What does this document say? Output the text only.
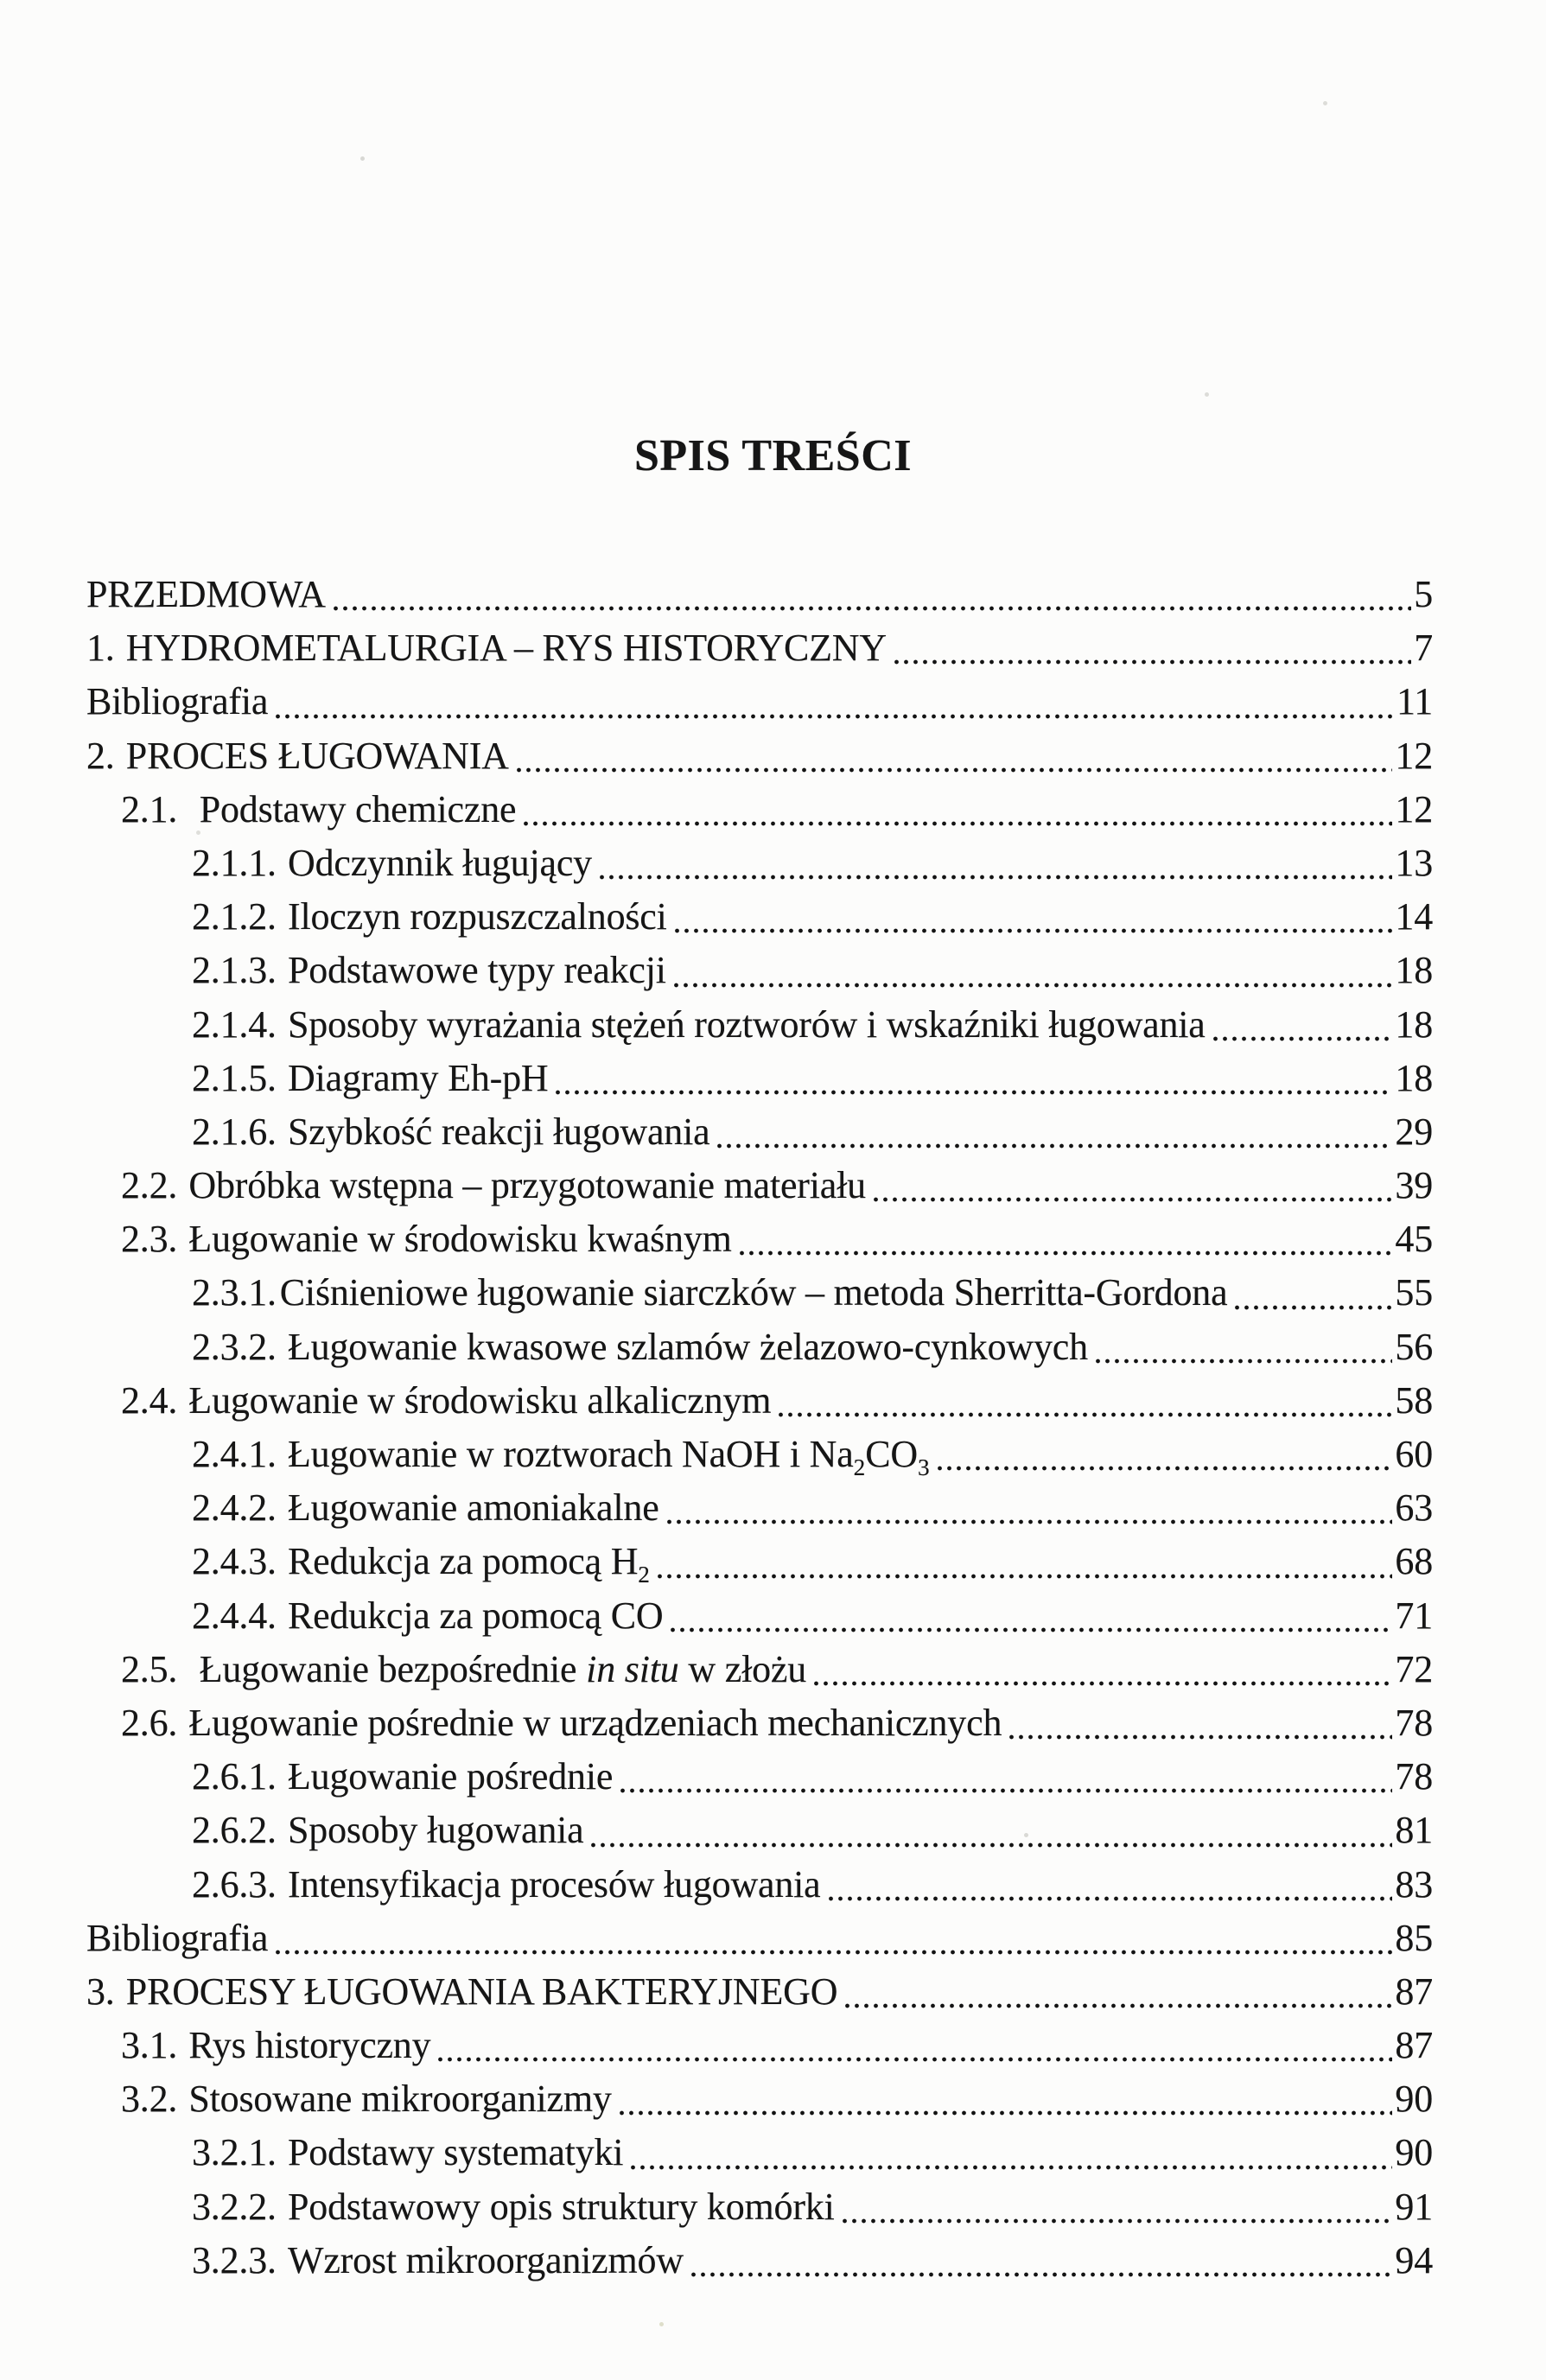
SPIS TREŚCI
PRZEDMOWA	5
1. HYDROMETALURGIA – RYS HISTORYCZNY	7
Bibliografia	11
2. PROCES ŁUGOWANIA	12
2.1. Podstawy chemiczne	12
2.1.1. Odczynnik ługujący	13
2.1.2. Iloczyn rozpuszczalności	14
2.1.3. Podstawowe typy reakcji	18
2.1.4. Sposoby wyrażania stężeń roztworów i wskaźniki ługowania	18
2.1.5. Diagramy Eh-pH	18
2.1.6. Szybkość reakcji ługowania	29
2.2. Obróbka wstępna – przygotowanie materiału	39
2.3. Ługowanie w środowisku kwaśnym	45
2.3.1. Ciśnieniowe ługowanie siarczków – metoda Sherritta-Gordona	55
2.3.2. Ługowanie kwasowe szlamów żelazowo-cynkowych	56
2.4. Ługowanie w środowisku alkalicznym	58
2.4.1. Ługowanie w roztworach NaOH i $Na_2CO_3$	60
2.4.2. Ługowanie amoniakalne	63
2.4.3. Redukcja za pomocą $H_2$	68
2.4.4. Redukcja za pomocą CO	71
2.5. Ługowanie bezpośrednie in situ w złożu	72
2.6. Ługowanie pośrednie w urządzeniach mechanicznych	78
2.6.1. Ługowanie pośrednie	78
2.6.2. Sposoby ługowania	81
2.6.3. Intensyfikacja procesów ługowania	83
Bibliografia	85
3. PROCESY ŁUGOWANIA BAKTERYJNEGO	87
3.1. Rys historyczny	87
3.2. Stosowane mikroorganizmy	90
3.2.1. Podstawy systematyki	90
3.2.2. Podstawowy opis struktury komórki	91
3.2.3. Wzrost mikroorganizmów	94
